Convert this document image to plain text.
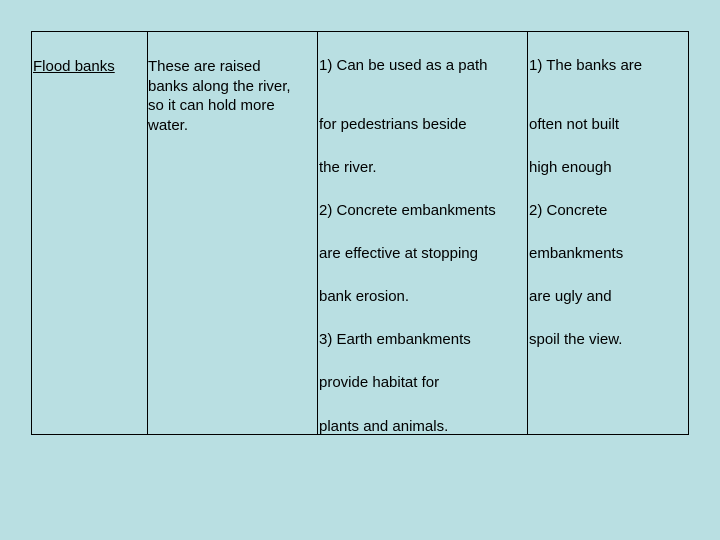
Flood banks These are raised banks along the river, so it can hold more water.

1) Can be used as a path

for pedestrians beside

the river.

2) Concrete embankments

are effective at stopping

bank erosion.

3) Earth embankments

provide habitat for

plants and animals.

1) The banks are

often not built

high enough

2) Concrete

embankments

are ugly and

spoil the view.
